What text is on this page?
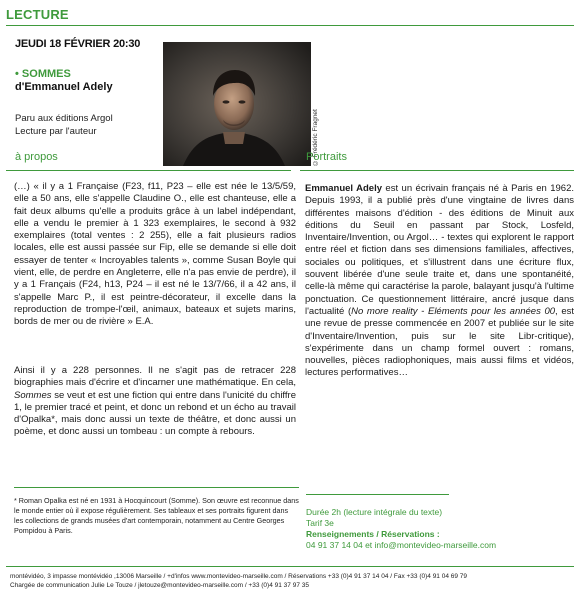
LECTURE
JEUDI 18 FÉVRIER 20:30
• SOMMES
d'Emmanuel Adely
Paru aux éditions Argol
Lecture par l'auteur	© Frédéric Fragnet
à propos
(…) « il y a 1 Française (F23, f11, P23 – elle est née le 13/5/59, elle a 50 ans, elle s'appelle Claudine O., elle est chanteuse, elle a fait deux albums qu'elle a produits grâce à un label indépendant, elle a vendu le premier à 1 323 exemplaires, le second à 932 exemplaires (total ventes : 2 255), elle a fait plusieurs radios locales, elle est aussi passée sur Fip, elle se demande si elle doit essayer de tenter « Incroyables talents », comme Susan Boyle qui vient, elle, de perdre en Angleterre, elle n'a pas envie de perdre), il y a 1 Français (F24, h13, P24 – il est né le 13/7/66, il a 42 ans, il s'appelle Marc P., il est peintre-décorateur, il excelle dans la reproduction de trompe-l'œil, animaux, bateaux et sujets marins, bords de mer ou de rivière » E.A.
Ainsi il y a 228 personnes. Il ne s'agit pas de retracer 228 biographies mais d'écrire et d'incarner une mathématique. En cela, Sommes se veut et est une fiction qui entre dans l'unicité du chiffre 1, le premier tracé et peint, et donc un rebond et un écho au travail d'Opalka*, mais donc aussi un texte de théâtre, et donc aussi un poème, et donc aussi un tombeau : un compte à rebours.
* Roman Opalka est né en 1931 à Hocquincourt (Somme). Son œuvre est reconnue dans le monde entier où il expose régulièrement. Ses tableaux et ses portraits figurent dans les collections de grands musées d'art contemporain, notamment au Centre Georges Pompidou à Paris.
Portraits
Emmanuel Adely est un écrivain français né à Paris en 1962. Depuis 1993, il a publié près d'une vingtaine de livres dans différentes maisons d'édition - des éditions de Minuit aux éditions du Seuil en passant par Stock, Losfeld, Inventaire/Invention, ou Argol… - textes qui explorent le rapport entre réel et fiction dans ses dimensions familiales, affectives, sociales ou politiques, et s'illustrent dans une écriture flux, souvent libérée d'une seule traite et, dans une spontanéité, celle-là même qui caractérise la parole, balayant jusqu'à l'ultime ponctuation. Ce questionnement littéraire, ancré jusque dans l'actualité (No more reality - Eléments pour les années 00, est une revue de presse commencée en 2007 et publiée sur le site d'Inventaire/Invention, puis sur le site Libr-critique), s'expérimente dans un champ formel ouvert : romans, nouvelles, pièces radiophoniques, mais aussi films et vidéos, lectures performatives…
Durée 2h (lecture intégrale du texte)
Tarif 3e
Renseignements / Réservations :
04 91 37 14 04 et info@montevideo-marseille.com
montévidéo, 3 impasse montévidéo ,13006 Marseille / +d'infos www.montevideo-marseille.com / Réservations +33 (0)4 91 37 14 04 / Fax +33 (0)4 91 04 69 79
Chargée de communication Julie Le Touze / jletouze@montevideo-marseille.com / +33 (0)4 91 37 97 35
